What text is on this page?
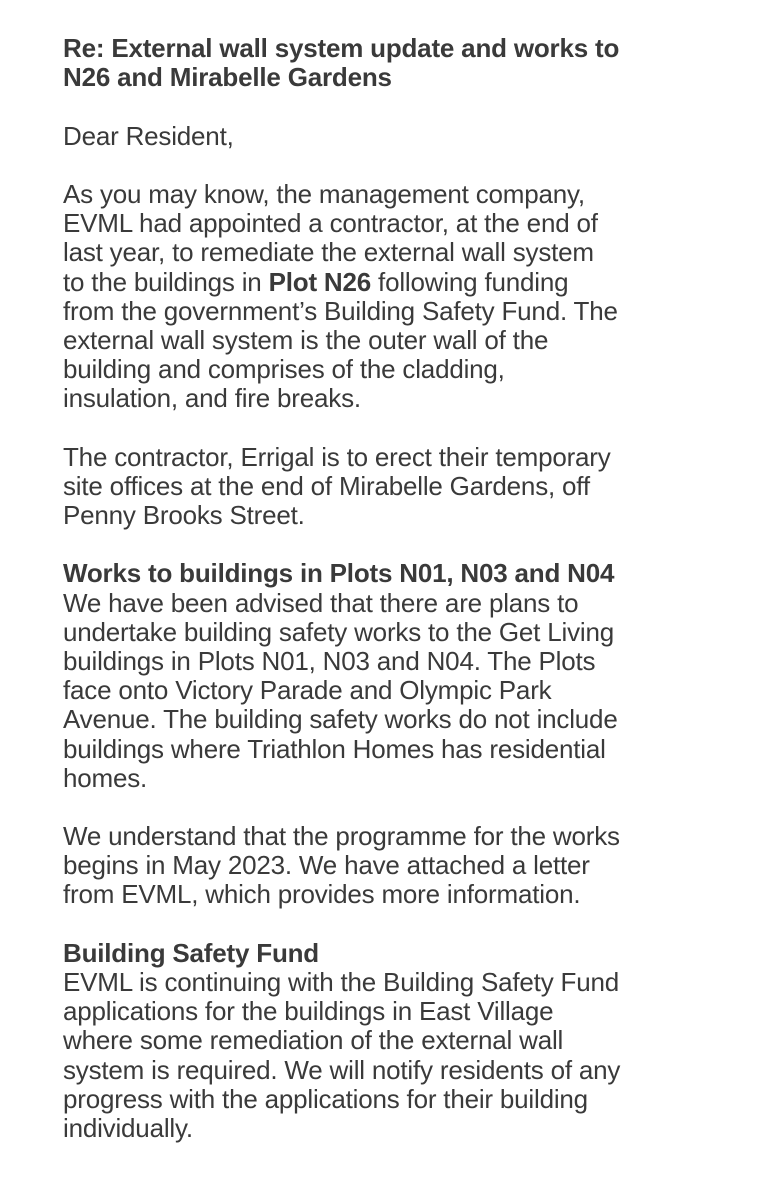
Re: External wall system update and works to
N26 and Mirabelle Gardens
Dear Resident,
As you may know, the management company,
EVML had appointed a contractor, at the end of
last year, to remediate the external wall system
to the buildings in Plot N26 following funding
from the government’s Building Safety Fund. The
external wall system is the outer wall of the
building and comprises of the cladding,
insulation, and fire breaks.
The contractor, Errigal is to erect their temporary
site offices at the end of Mirabelle Gardens, off
Penny Brooks Street.
Works to buildings in Plots N01, N03 and N04
We have been advised that there are plans to
undertake building safety works to the Get Living
buildings in Plots N01, N03 and N04. The Plots
face onto Victory Parade and Olympic Park
Avenue. The building safety works do not include
buildings where Triathlon Homes has residential
homes.
We understand that the programme for the works
begins in May 2023. We have attached a letter
from EVML, which provides more information.
Building Safety Fund
EVML is continuing with the Building Safety Fund
applications for the buildings in East Village
where some remediation of the external wall
system is required. We will notify residents of any
progress with the applications for their building
individually.
